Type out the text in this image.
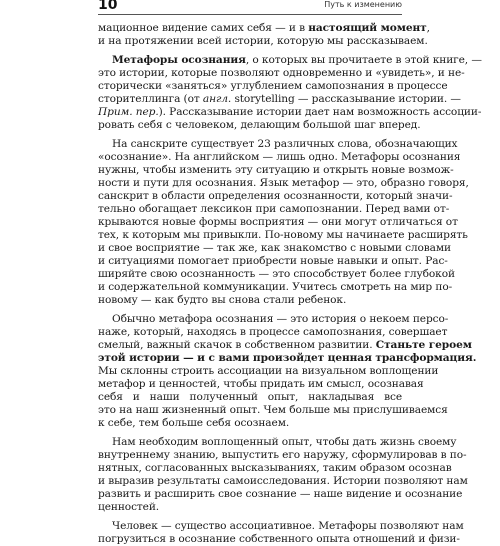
10	Путь к изменению
мационное видение самих себя — и в настоящий момент,
и на протяжении всей истории, которую мы рассказываем.
Метафоры осознания, о которых вы прочитаете в этой книге, —
это истории, которые позволяют одновременно и «увидеть», и не-
сторически «заняться» углублением самопознания в процессе
сторителлинга (от англ. storytelling — рассказывание истории. —
Прим. пер.). Рассказывание истории дает нам возможность ассоции-
ровать себя с человеком, делающим большой шаг вперед.
На санскрите существует 23 различных слова, обозначающих
«осознание». На английском — лишь одно. Метафоры осознания
нужны, чтобы изменить эту ситуацию и открыть новые возмож-
ности и пути для осознания. Язык метафор — это, образно говоря,
санскрит в области определения осознанности, который значи-
тельно обогащает лексикон при самопознании. Перед вами от-
крываются новые формы восприятия — они могут отличаться от
тех, к которым мы привыкли. По-новому мы начинаете расширять
и свое восприятие — так же, как знакомство с новыми словами
и ситуациями помогает приобрести новые навыки и опыт. Рас-
ширяйте свою осознанность — это способствует более глубокой
и содержательной коммуникации. Учитесь смотреть на мир по-
новому — как будто вы снова стали ребенок.
Обычно метафора осознания — это история о некоем персо-
наже, который, находясь в процессе самопознания, совершает
смелый, важный скачок в собственном развитии. Станьте героем
этой истории — и с вами произойдет ценная трансформация.
Мы склонны строить ассоциации на визуальном воплощении
метафор и ценностей, чтобы придать им смысл, осознавая
себя и наши полученный опыт, накладывая все
это на наш жизненный опыт. Чем больше мы прислушиваемся
к себе, тем больше себя осознаем.
Нам необходим воплощенный опыт, чтобы дать жизнь своему
внутреннему знанию, выпустить его наружу, сформулировав в по-
нятных, согласованных высказываниях, таким образом осознав
и выразив результаты самоисследования. Истории позволяют нам
развить и расширить свое сознание — наше видение и осознание
ценностей.
Человек — существо ассоциативное. Метафоры позволяют нам
погрузиться в осознание собственного опыта отношений и физи-
